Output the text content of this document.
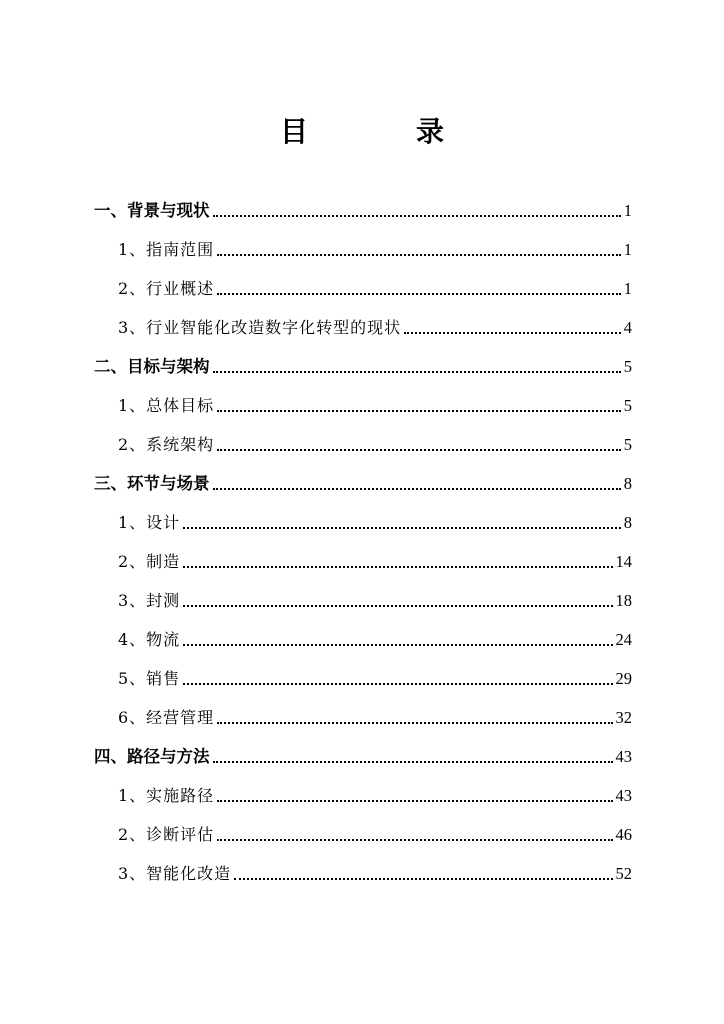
目　录
一、背景与现状	1
1、指南范围	1
2、行业概述	1
3、行业智能化改造数字化转型的现状	4
二、目标与架构	5
1、总体目标	5
2、系统架构	5
三、环节与场景	8
1、设计	8
2、制造	14
3、封测	18
4、物流	24
5、销售	29
6、经营管理	32
四、路径与方法	43
1、实施路径	43
2、诊断评估	46
3、智能化改造	52
